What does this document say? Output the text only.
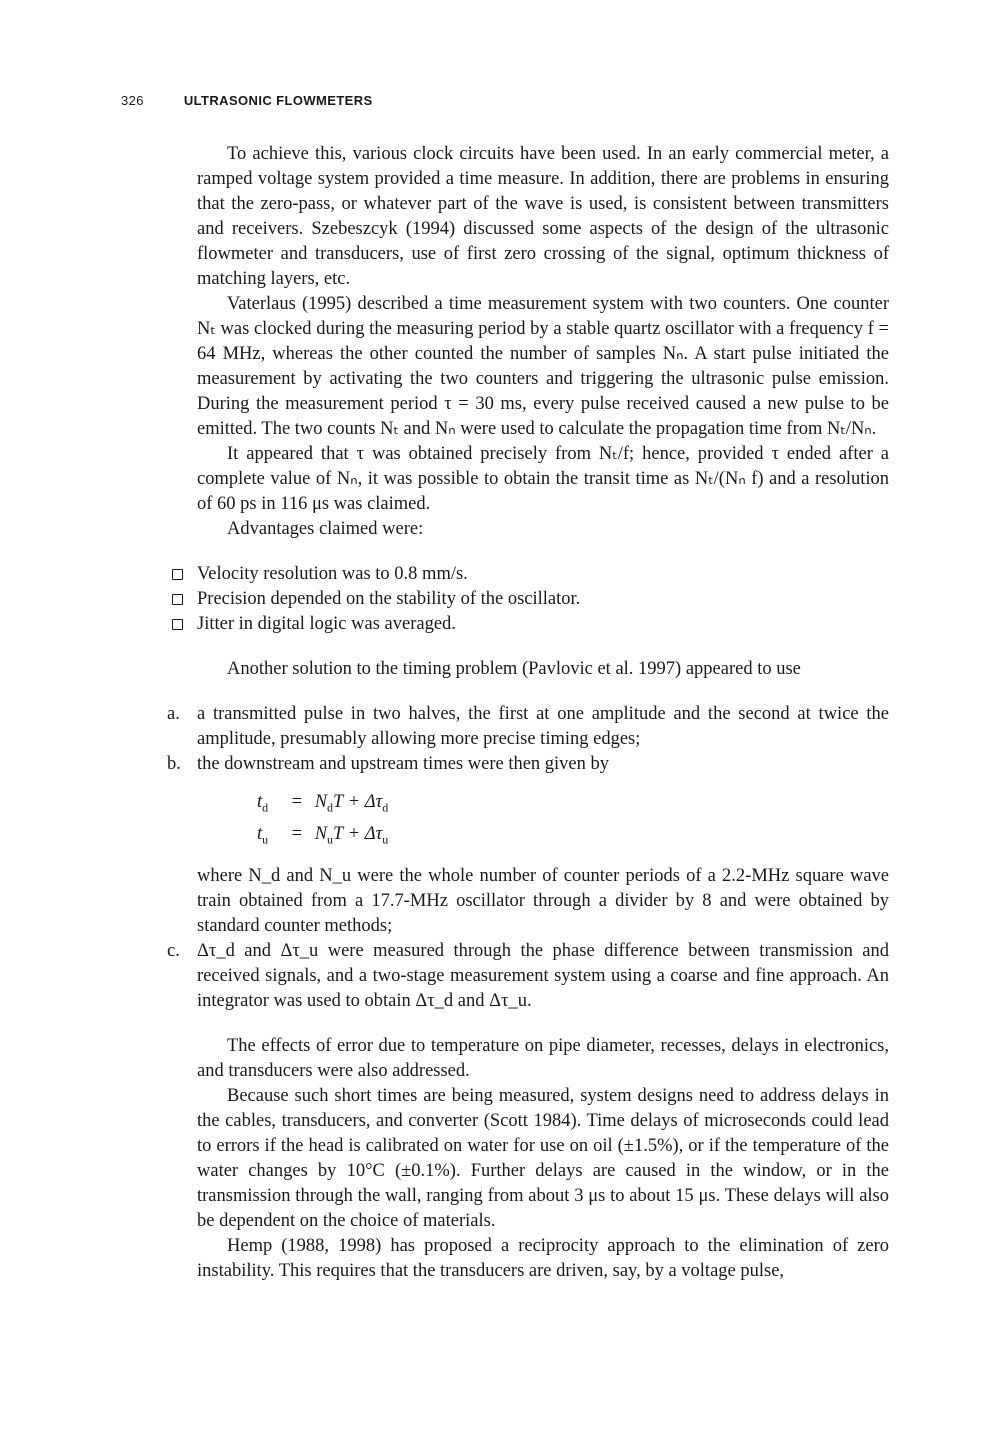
326	ULTRASONIC FLOWMETERS

To achieve this, various clock circuits have been used. In an early commercial meter, a ramped voltage system provided a time measure. In addition, there are problems in ensuring that the zero-pass, or whatever part of the wave is used, is consistent between transmitters and receivers. Szebeszcyk (1994) discussed some aspects of the design of the ultrasonic flowmeter and transducers, use of first zero crossing of the signal, optimum thickness of matching layers, etc.

Vaterlaus (1995) described a time measurement system with two counters. One counter Nₜ was clocked during the measuring period by a stable quartz oscillator with a frequency f = 64 MHz, whereas the other counted the number of samples Nₙ. A start pulse initiated the measurement by activating the two counters and triggering the ultrasonic pulse emission. During the measurement period τ = 30 ms, every pulse received caused a new pulse to be emitted. The two counts Nₜ and Nₙ were used to calculate the propagation time from Nₜ/Nₙ.

It appeared that τ was obtained precisely from Nₜ/f; hence, provided τ ended after a complete value of Nₙ, it was possible to obtain the transit time as Nₜ/(Nₙ f) and a resolution of 60 ps in 116 μs was claimed.

Advantages claimed were:

Velocity resolution was to 0.8 mm/s.
Precision depended on the stability of the oscillator.
Jitter in digital logic was averaged.

Another solution to the timing problem (Pavlovic et al. 1997) appeared to use

a. a transmitted pulse in two halves, the first at one amplitude and the second at twice the amplitude, presumably allowing more precise timing edges;
b. the downstream and upstream times were then given by
$t_d = N_dT + \Delta\tau_d$
$t_u = N_uT + \Delta\tau_u$
where N_d and N_u were the whole number of counter periods of a 2.2-MHz square wave train obtained from a 17.7-MHz oscillator through a divider by 8 and were obtained by standard counter methods;
c. Δτ_d and Δτ_u were measured through the phase difference between transmission and received signals, and a two-stage measurement system using a coarse and fine approach. An integrator was used to obtain Δτ_d and Δτ_u.

The effects of error due to temperature on pipe diameter, recesses, delays in electronics, and transducers were also addressed.

Because such short times are being measured, system designs need to address delays in the cables, transducers, and converter (Scott 1984). Time delays of microseconds could lead to errors if the head is calibrated on water for use on oil (±1.5%), or if the temperature of the water changes by 10°C (±0.1%). Further delays are caused in the window, or in the transmission through the wall, ranging from about 3 μs to about 15 μs. These delays will also be dependent on the choice of materials.

Hemp (1988, 1998) has proposed a reciprocity approach to the elimination of zero instability. This requires that the transducers are driven, say, by a voltage pulse,
